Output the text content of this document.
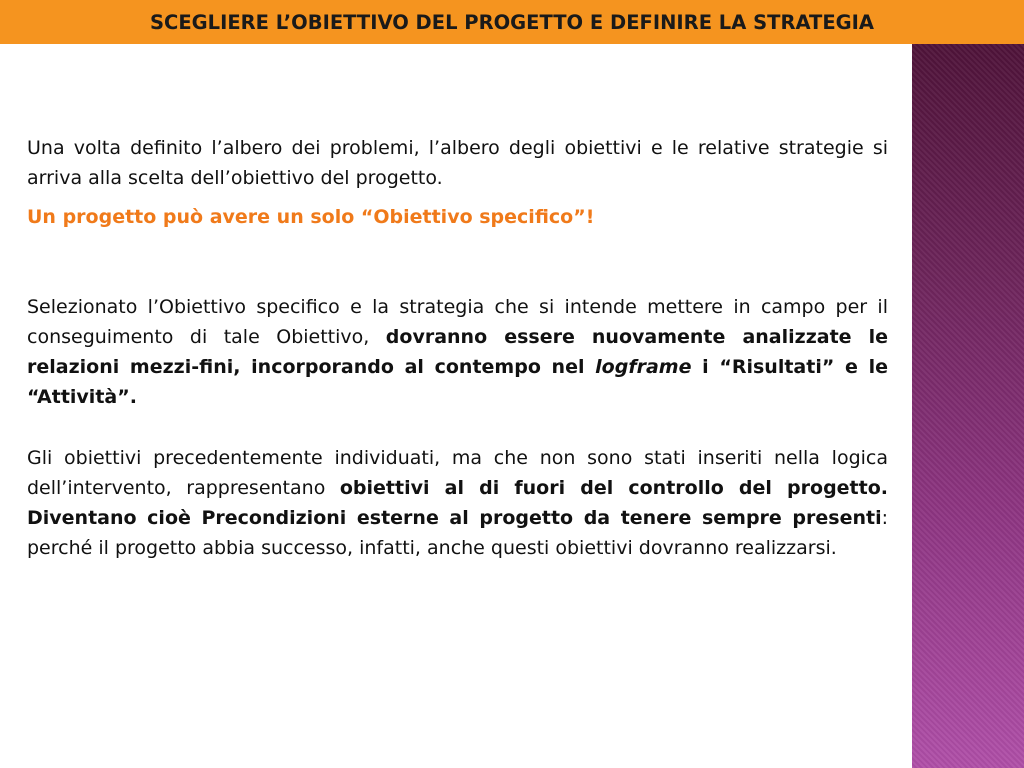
SCEGLIERE L’OBIETTIVO DEL PROGETTO E DEFINIRE LA STRATEGIA

Una volta definito l’albero dei problemi, l’albero degli obiettivi e le relative strategie si arriva alla scelta dell’obiettivo del progetto.

Un progetto può avere un solo “Obiettivo specifico”!

Selezionato l’Obiettivo specifico e la strategia che si intende mettere in campo per il conseguimento di tale Obiettivo, dovranno essere nuovamente analizzate le relazioni mezzi-fini, incorporando al contempo nel logframe i “Risultati” e le “Attività”.

Gli obiettivi precedentemente individuati, ma che non sono stati inseriti nella logica dell’intervento, rappresentano obiettivi al di fuori del controllo del progetto. Diventano cioè Precondizioni esterne al progetto da tenere sempre presenti: perché il progetto abbia successo, infatti, anche questi obiettivi dovranno realizzarsi.
